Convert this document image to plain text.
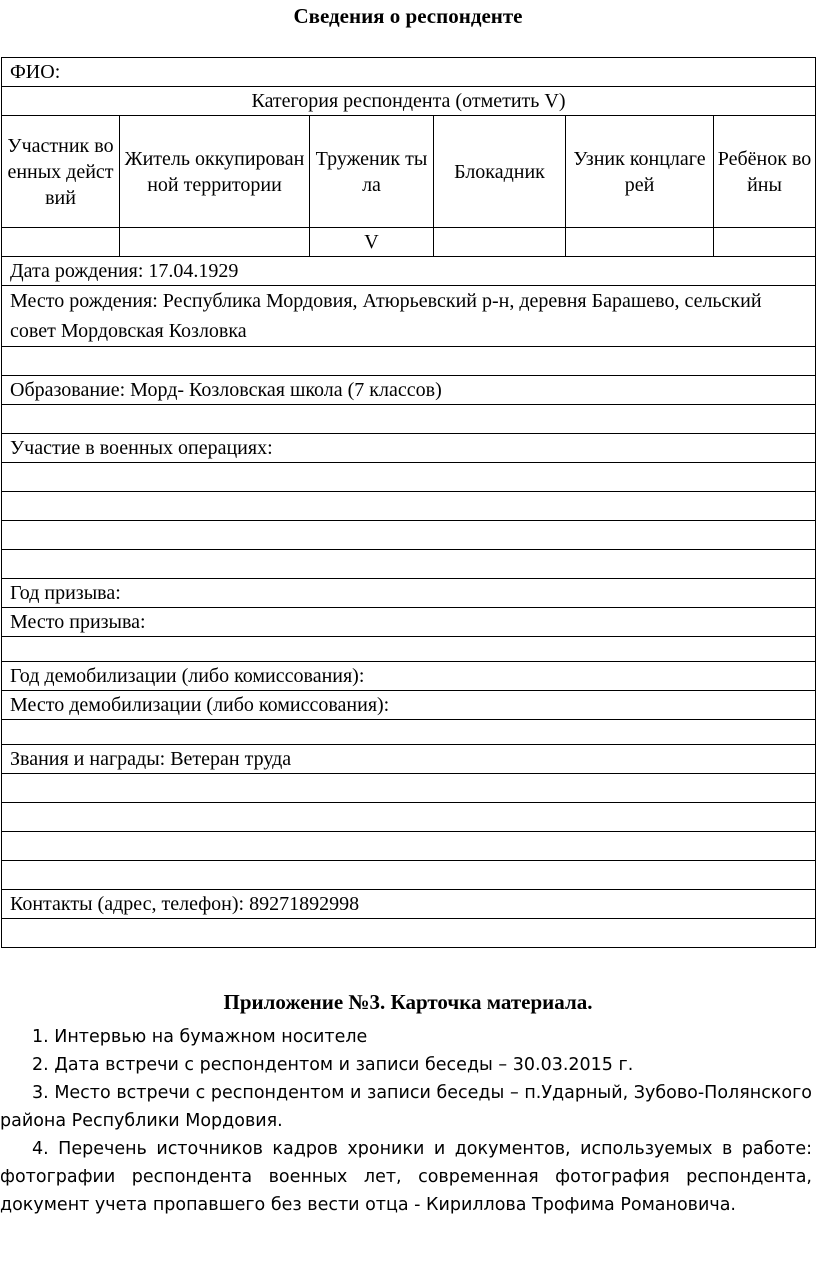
Сведения о респонденте
ФИО:					
Категория респондента (отметить V)					
Участник военных действий	Житель оккупированной территории	Труженик тыла	Блокадник	Узник концлагерей	Ребёнок войны
		V			
Дата рождения: 17.04.1929					
Место рождения: Республика Мордовия, Атюрьевский р-н, деревня Барашево, сельский совет Мордовская Козловка					

Образование: Морд- Козловская школа (7 классов)					

Участие в военных операциях:					

Год призыва:					
Место призыва:					

Год демобилизации (либо комиссования):					
Место демобилизации (либо комиссования):					

Звания и награды: Ветеран труда					

Контакты (адрес, телефон): 89271892998					

Приложение №3. Карточка материала.

1. Интервью на бумажном носителе

2. Дата встречи с респондентом и записи беседы – 30.03.2015 г.

3. Место встречи с респондентом и записи беседы – п.Ударный, Зубово-Полянского района Республики Мордовия.

4. Перечень источников кадров хроники и документов, используемых в работе: фотографии респондента военных лет, современная фотография респондента, документ учета пропавшего без вести отца - Кириллова Трофима Романовича.
